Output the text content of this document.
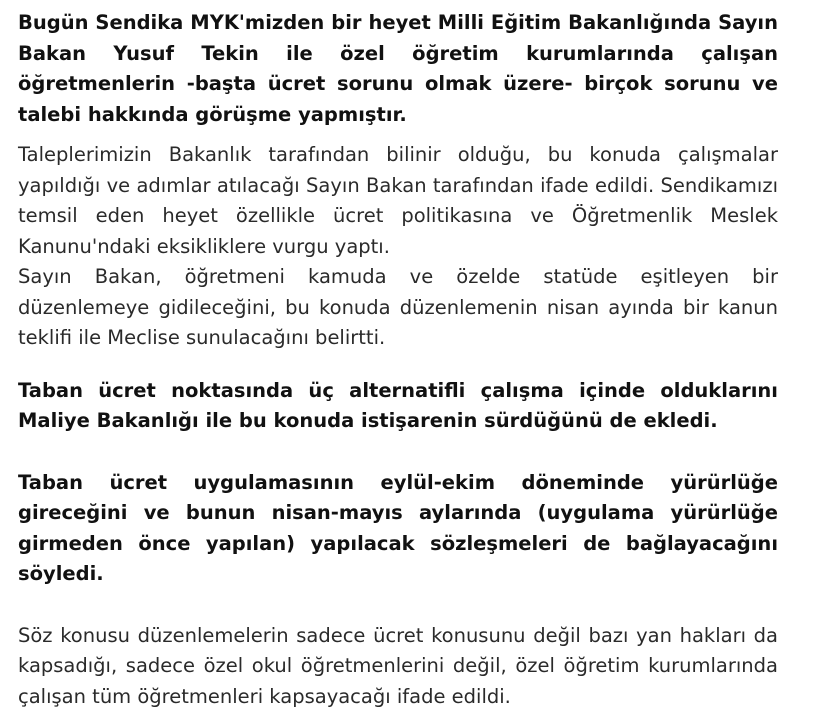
Bugün Sendika MYK'mizden bir heyet Milli Eğitim Bakanlığında Sayın Bakan Yusuf Tekin ile özel öğretim kurumlarında çalışan öğretmenlerin -başta ücret sorunu olmak üzere- birçok sorunu ve talebi hakkında görüşme yapmıştır.

Taleplerimizin Bakanlık tarafından bilinir olduğu, bu konuda çalışmalar yapıldığı ve adımlar atılacağı Sayın Bakan tarafından ifade edildi. Sendikamızı temsil eden heyet özellikle ücret politikasına ve Öğretmenlik Meslek Kanunu'ndaki eksikliklere vurgu yaptı.

Sayın Bakan, öğretmeni kamuda ve özelde statüde eşitleyen bir düzenlemeye gidileceğini, bu konuda düzenlemenin nisan ayında bir kanun teklifi ile Meclise sunulacağını belirtti.

Taban ücret noktasında üç alternatifli çalışma içinde olduklarını Maliye Bakanlığı ile bu konuda istişarenin sürdüğünü de ekledi.

Taban ücret uygulamasının eylül-ekim döneminde yürürlüğe gireceğini ve bunun nisan-mayıs aylarında (uygulama yürürlüğe girmeden önce yapılan) yapılacak sözleşmeleri de bağlayacağını söyledi.

Söz konusu düzenlemelerin sadece ücret konusunu değil bazı yan hakları da kapsadığı, sadece özel okul öğretmenlerini değil, özel öğretim kurumlarında çalışan tüm öğretmenleri kapsayacağı ifade edildi.
